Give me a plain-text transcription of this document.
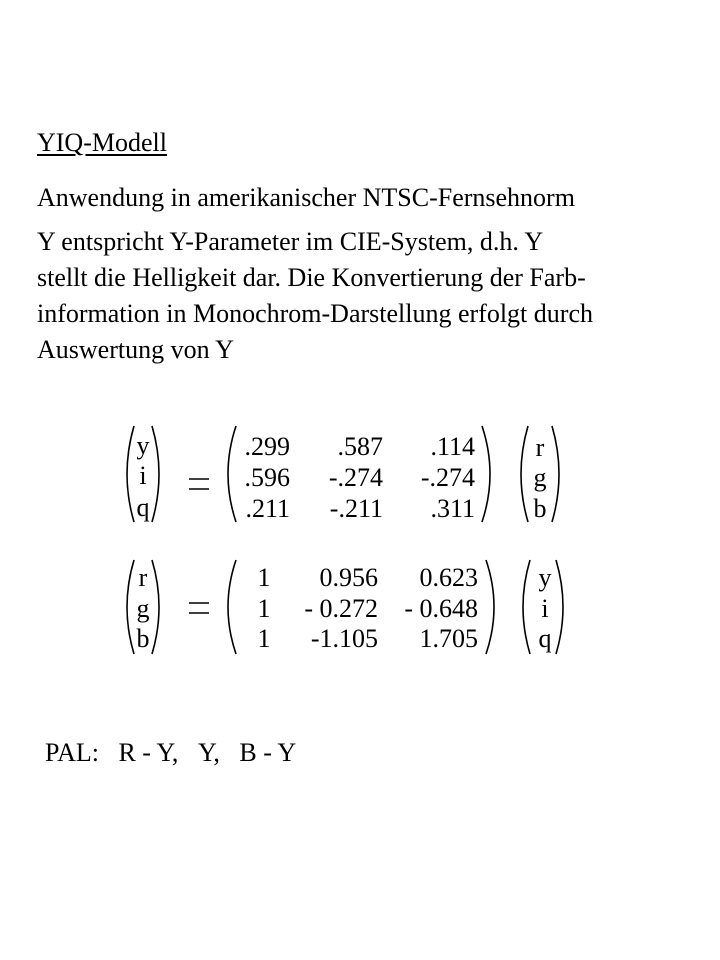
YIQ-Modell

Anwendung in amerikanischer NTSC-Fernsehnorm

Y entspricht Y-Parameter im CIE-System, d.h. Y

stellt die Helligkeit dar. Die Konvertierung der Farb-

information in Monochrom-Darstellung erfolgt durch

Auswertung von Y

y
i
q
.299 .587 .114
.596 -.274 -.274
.211 -.211 .311
r
g
b
r
g
b
1 0.956 0.623
1 - 0.272 - 0.648
1 -1.105 1.705
y
i
q

PAL: R - Y, Y, B - Y
